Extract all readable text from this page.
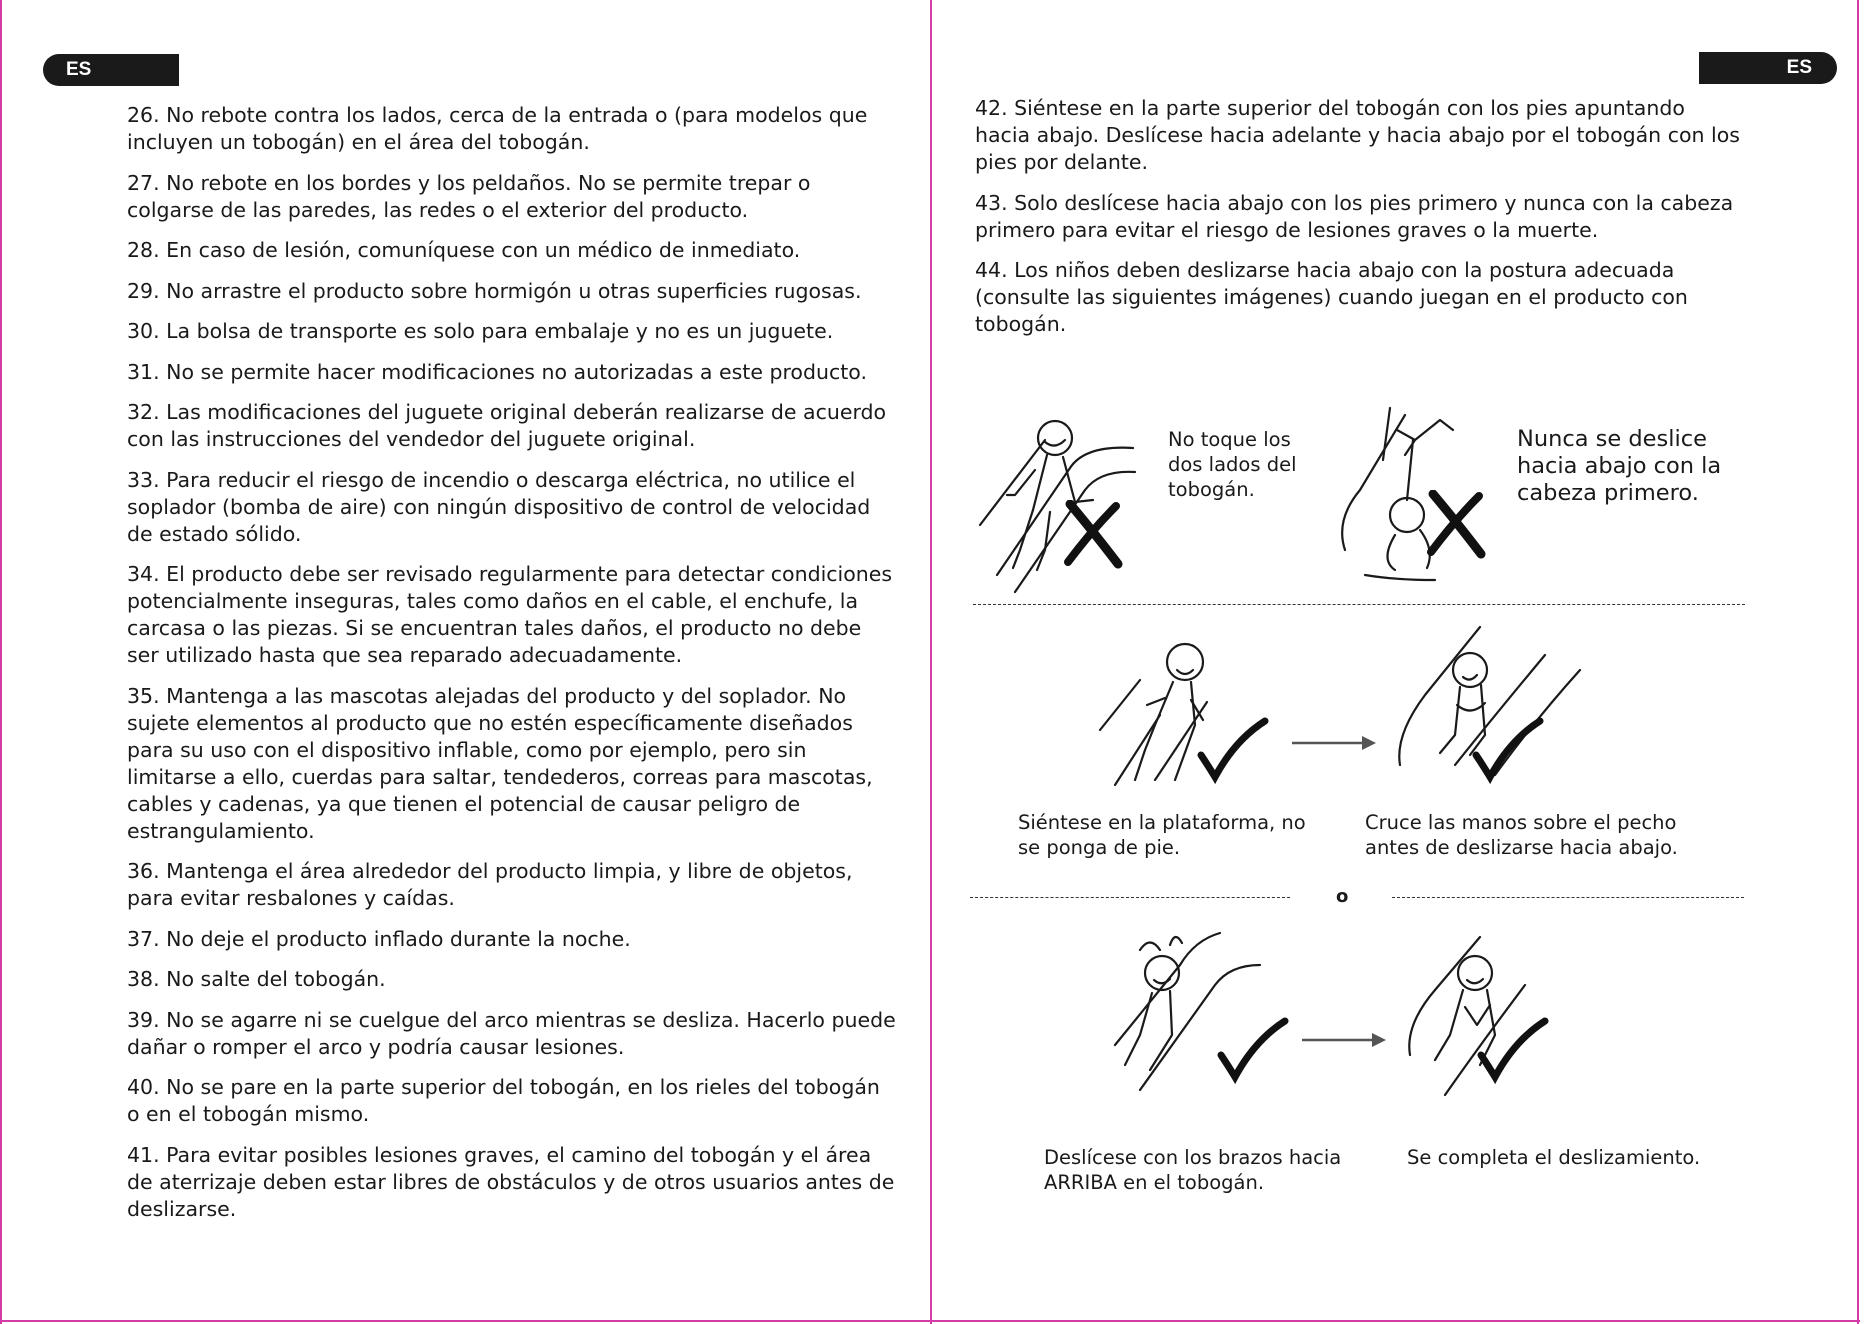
ES	ES

26. No rebote contra los lados, cerca de la entrada o (para modelos que incluyen un tobogán) en el área del tobogán.

27. No rebote en los bordes y los peldaños. No se permite trepar o colgarse de las paredes, las redes o el exterior del producto.

28. En caso de lesión, comuníquese con un médico de inmediato.

29. No arrastre el producto sobre hormigón u otras superficies rugosas.

30. La bolsa de transporte es solo para embalaje y no es un juguete.

31. No se permite hacer modificaciones no autorizadas a este producto.

32. Las modificaciones del juguete original deberán realizarse de acuerdo con las instrucciones del vendedor del juguete original.

33. Para reducir el riesgo de incendio o descarga eléctrica, no utilice el soplador (bomba de aire) con ningún dispositivo de control de velocidad de estado sólido.

34. El producto debe ser revisado regularmente para detectar condiciones potencialmente inseguras, tales como daños en el cable, el enchufe, la carcasa o las piezas. Si se encuentran tales daños, el producto no debe ser utilizado hasta que sea reparado adecuadamente.

35. Mantenga a las mascotas alejadas del producto y del soplador. No sujete elementos al producto que no estén específicamente diseñados para su uso con el dispositivo inflable, como por ejemplo, pero sin limitarse a ello, cuerdas para saltar, tendederos, correas para mascotas, cables y cadenas, ya que tienen el potencial de causar peligro de estrangulamiento.

36. Mantenga el área alrededor del producto limpia, y libre de objetos, para evitar resbalones y caídas.

37. No deje el producto inflado durante la noche.

38. No salte del tobogán.

39. No se agarre ni se cuelgue del arco mientras se desliza. Hacerlo puede dañar o romper el arco y podría causar lesiones.

40. No se pare en la parte superior del tobogán, en los rieles del tobogán o en el tobogán mismo.

41. Para evitar posibles lesiones graves, el camino del tobogán y el área de aterrizaje deben estar libres de obstáculos y de otros usuarios antes de deslizarse.

42. Siéntese en la parte superior del tobogán con los pies apuntando hacia abajo. Deslícese hacia adelante y hacia abajo por el tobogán con los pies por delante.

43. Solo deslícese hacia abajo con los pies primero y nunca con la cabeza primero para evitar el riesgo de lesiones graves o la muerte.

44. Los niños deben deslizarse hacia abajo con la postura adecuada (consulte las siguientes imágenes) cuando juegan en el producto con tobogán.

No toque los dos lados del tobogán.
Nunca se deslice hacia abajo con la cabeza primero.
Siéntese en la plataforma, no se ponga de pie.
Cruce las manos sobre el pecho antes de deslizarse hacia abajo.
o
Deslícese con los brazos hacia ARRIBA en el tobogán.
Se completa el deslizamiento.
